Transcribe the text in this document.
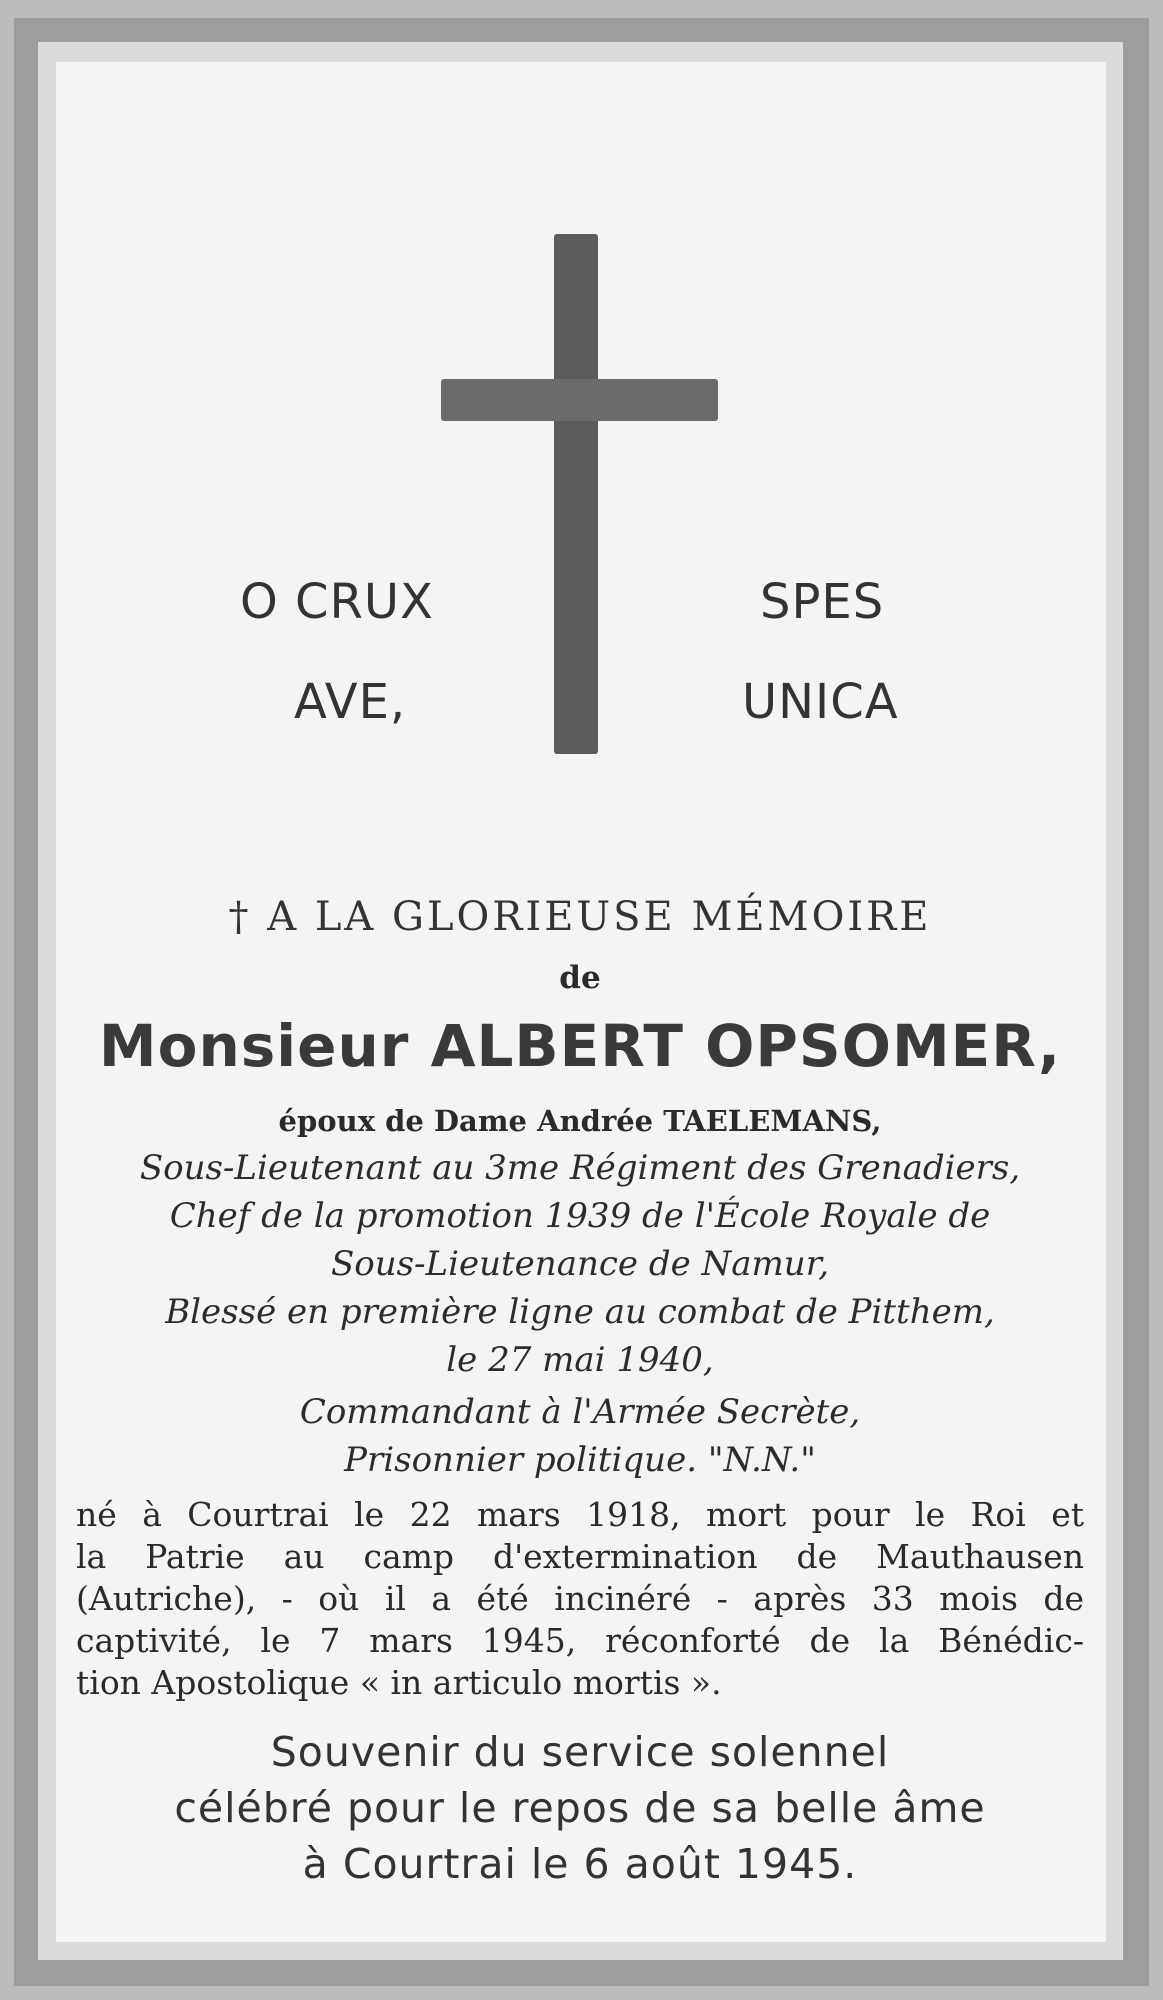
O CRUX
AVE,
SPES
UNICA
† A LA GLORIEUSE MÉMOIRE
de
Monsieur ALBERT OPSOMER,
époux de Dame Andrée TAELEMANS,
Sous-Lieutenant au 3me Régiment des Grenadiers,
Chef de la promotion 1939 de l'École Royale de
Sous-Lieutenance de Namur,
Blessé en première ligne au combat de Pitthem,
le 27 mai 1940,
Commandant à l'Armée Secrète,
Prisonnier politique. "N.N."
né à Courtrai le 22 mars 1918, mort pour le Roi et
la Patrie au camp d'extermination de Mauthausen
(Autriche), - où il a été incinéré - après 33 mois de
captivité, le 7 mars 1945, réconforté de la Bénédic-
tion Apostolique « in articulo mortis ».
Souvenir du service solennel
célébré pour le repos de sa belle âme
à Courtrai le 6 août 1945.
